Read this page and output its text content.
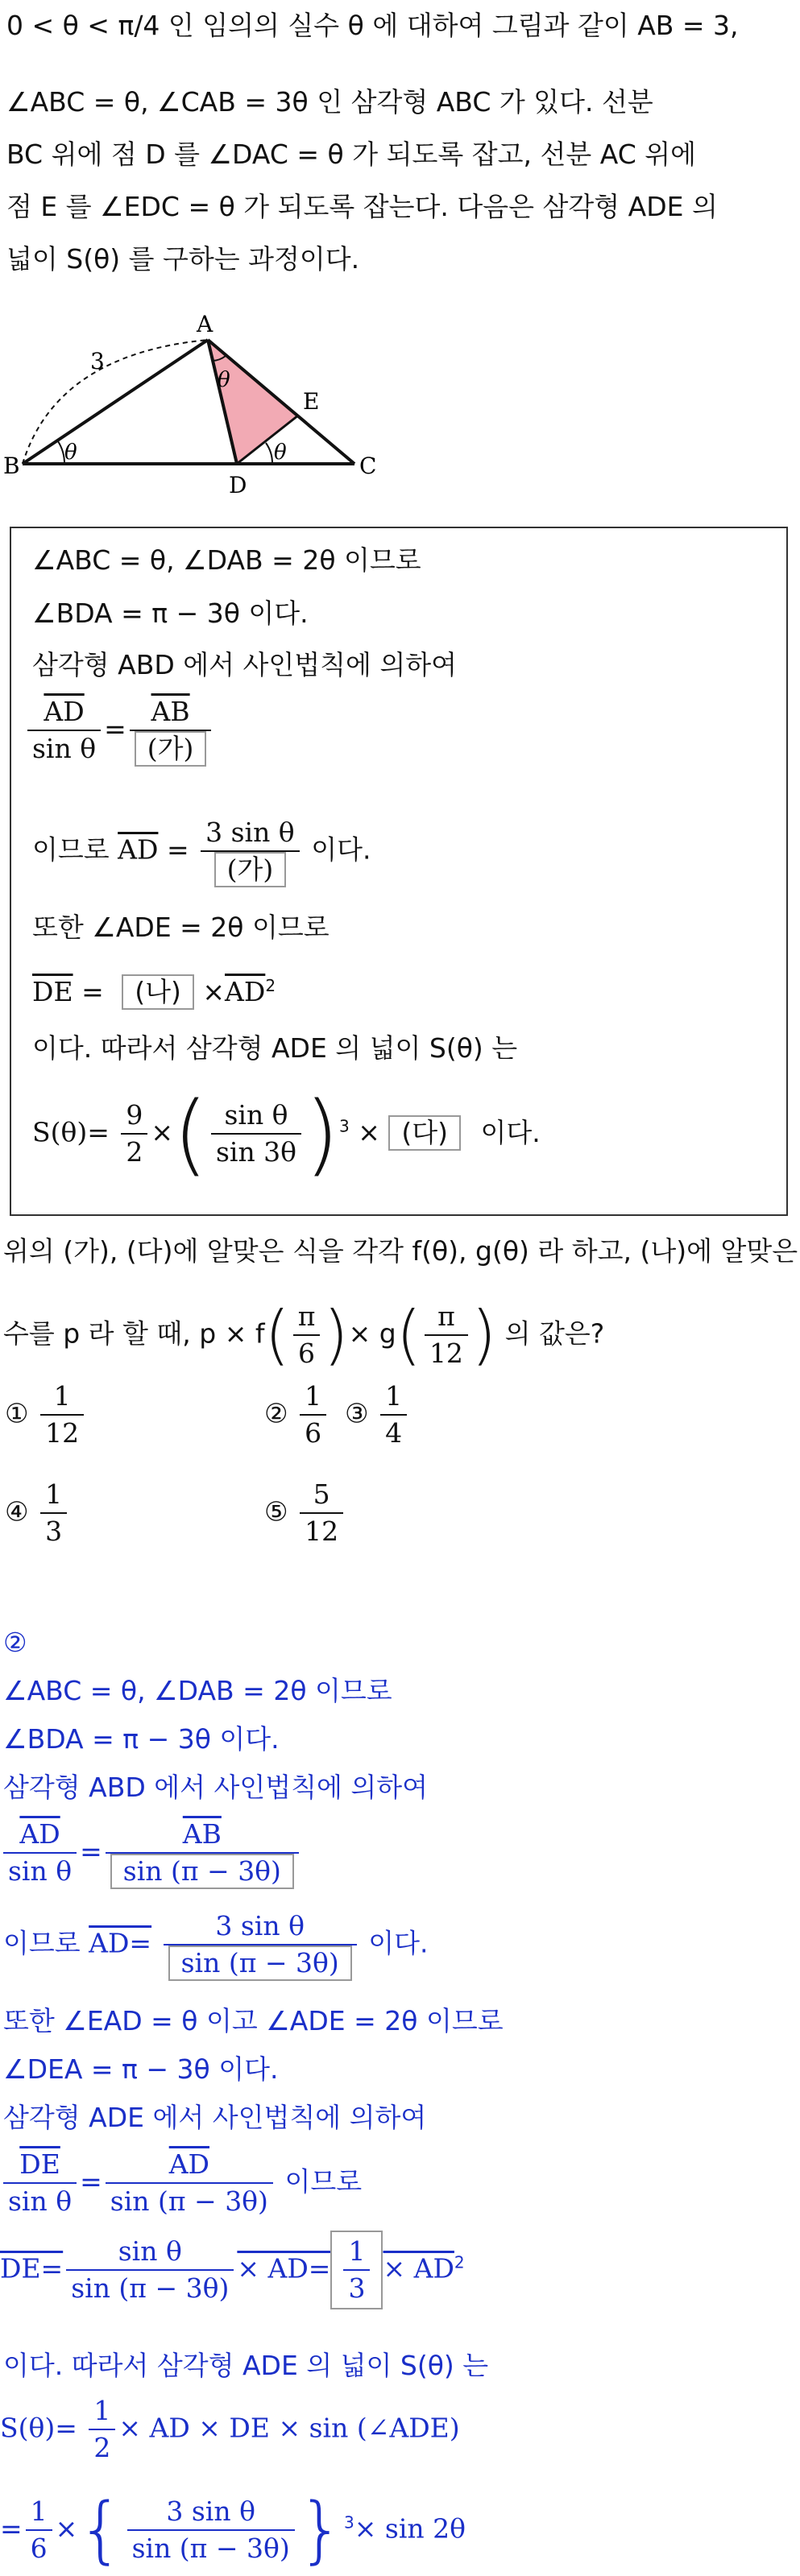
0 < θ < π/4 인 임의의 실수 θ 에 대하여 그림과 같이 AB = 3,
∠ABC = θ, ∠CAB = 3θ 인 삼각형 ABC 가 있다. 선분
BC 위에 점 D 를 ∠DAC = θ 가 되도록 잡고, 선분 AC 위에
점 E 를 ∠EDC = θ 가 되도록 잡는다. 다음은 삼각형 ADE 의
넓이 S(θ) 를 구하는 과정이다.
A
B	C
D
E
3
θ
θ
θ
∠ABC = θ, ∠DAB = 2θ 이므로
∠BDA = π − 3θ 이다.
삼각형 ABD 에서 사인법칙에 의하여
$\frac{\overline{AD}}{\text{sin θ}} = \frac{\overline{AB}}{\text{(가)}}$
이므로 $\overline{AD} = \frac{\text{3 sin θ}}{\text{(가)}}$ 이다.
또한 ∠ADE = 2θ 이므로
$\overline{DE}$ = (나) $\times\overline{AD}^2$
이다. 따라서 삼각형 ADE 의 넓이 S(θ) 는
$S(\theta)= \frac{9}{2}$ ×( $\frac{\text{sin θ}}{\sin 3\theta} )^3$ × (다) 이다.
위의 (가), (다)에 알맞은 식을 각각 f(θ), g(θ) 라 하고, (나)에 알맞은
수를 p 라 할 때, $p \times f( \frac{\pi}{6}$ )× $g( \frac{\pi}{12}$ ) 의 값은?
① $\frac{1}{12}$	② $\frac{1}{6}$ ③ $\frac{1}{4}$
④ $\frac{1}{3}$	⑤ $\frac{5}{12}$
②
∠ABC = θ, ∠DAB = 2θ 이므로
∠BDA = π − 3θ 이다.
삼각형 ABD 에서 사인법칙에 의하여
$\frac{\overline{AD}}{\text{sin θ}} = \frac{\overline{AB}}{\sin (\pi - 3\theta)}$
이므로 $AD= \frac{\text{3 sin θ}}{\sin (\pi - 3\theta)}$ 이다.
또한 ∠EAD = θ 이고 ∠ADE = 2θ 이므로
∠DEA = π − 3θ 이다.
삼각형 ADE 에서 사인법칙에 의하여
$\frac{\overline{DE}}{\text{sin θ}} = \frac{\overline{AD}}{\sin (\pi - 3\theta)}$ 이므로
$DE= \frac{\text{sin θ}}{\sin (\pi - 3\theta)} \times AD= \frac{1}{3} \times AD^2$
이다. 따라서 삼각형 ADE 의 넓이 S(θ) 는
$S(\theta)= \frac{1}{2}$ × AD × DE × sin (∠ADE)
= $\frac{1}{6}$ ×{ $\frac{\text{3 sin θ}}{\sin (\pi - 3\theta)} \}^3\times \sin 2\theta$
